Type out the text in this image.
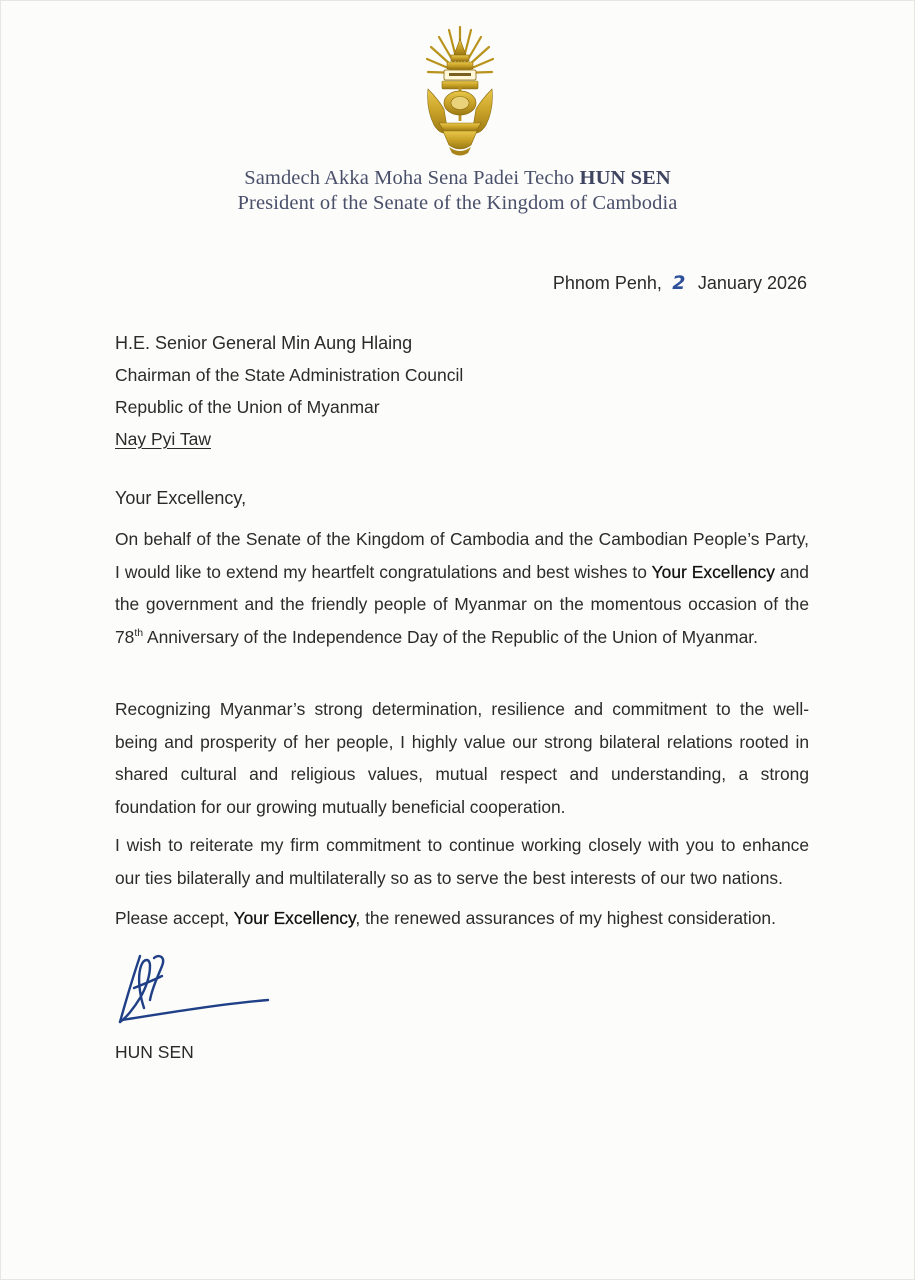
Samdech Akka Moha Sena Padei Techo HUN SEN
President of the Senate of the Kingdom of Cambodia
Phnom Penh, 2 January 2026
H.E. Senior General Min Aung Hlaing
Chairman of the State Administration Council
Republic of the Union of Myanmar
Nay Pyi Taw
Your Excellency,
On behalf of the Senate of the Kingdom of Cambodia and the Cambodian People’s Party, I would like to extend my heartfelt congratulations and best wishes to Your Excellency and the government and the friendly people of Myanmar on the momentous occasion of the 78th Anniversary of the Independence Day of the Republic of the Union of Myanmar.
Recognizing Myanmar’s strong determination, resilience and commitment to the well-being and prosperity of her people, I highly value our strong bilateral relations rooted in shared cultural and religious values, mutual respect and understanding, a strong foundation for our growing mutually beneficial cooperation.
I wish to reiterate my firm commitment to continue working closely with you to enhance our ties bilaterally and multilaterally so as to serve the best interests of our two nations.
Please accept, Your Excellency, the renewed assurances of my highest consideration.
HUN SEN
